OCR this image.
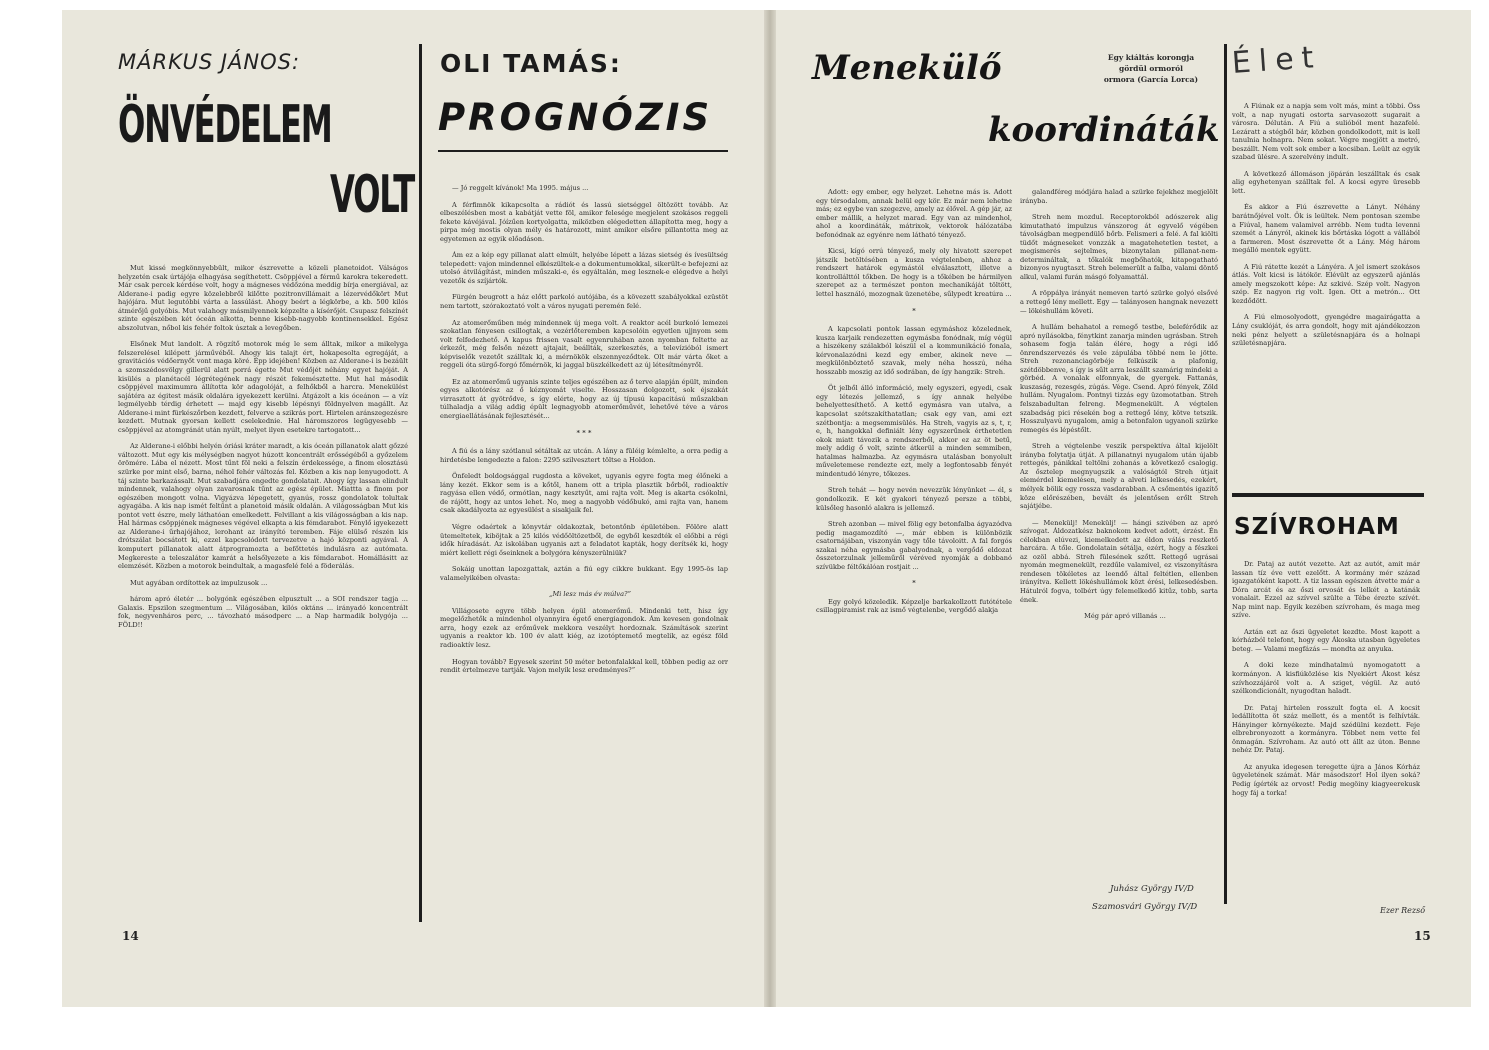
MÁRKUS JÁNOS:
ÖNVÉDELEM
VOLT

Mut kissé megkönnyebbült, mikor észrevette a közeli planetoidot. Válságos helyzetén csak úrtájója elhagyása segíthetett. Csöppjével a férmű karokra tekeredett. Már csak percek kérdése volt, hogy a mágneses védőzóna meddig bírja energiával, az Alderane-i padig egyre közelebbről kilőtte pozitronvillámait a lézervédőkört Mut hajójára. Mut legutóbbi várta a lassúlást. Ahogy beért a légkörbe, a kb. 500 kilós átmérőjű golyóbis. Mut valahogy másmilyennek képzelte a kísérőjét. Csupasz felszínét szinte egészében két óceán alkotta, benne kisebb-nagyobb kontinensekkel. Egész abszolutvan, nőbol kis fehér foltok úsztak a levegőben.

Elsőnek Mut landolt. A rögzítő motorok még le sem álltak, mikor a mikelyga felszerelésel kilépett járművéből. Ahogy kis talajt ért, hokapesolta egregáját, a gravitációs védőernyőt vont maga köré. Épp idejében! Közben az Alderane-i is bezáült a szomszédosvölgy gillerül alatt porrá égette Mut védőjét néhány egyet hajóját. A kisülés a planétacél légrétegének nagy részét fekemésztette. Mut hal második csöppjével maximumra állította kör adagolóját, a felhőkből a harcra. Menekülést sajátéra az égitest másik oldalára igyekezett kerülni. Átgázolt a kis óceánon — a víz legmélyebb térdig érhetett — majd egy kisebb lépésnyi földnyelven magállt. Az Alderane-i mint fürkészőrben kezdett, felverve a szikrás port. Hirtelen aránszegezésre kezdett. Mutnak gyorsan kellett cselekednie. Hal háromszoros legügyesebb — csöppjével az atomgránát után nyúlt, melyet ilyen esetekre tartogatott...

Az Alderane-i előbbi helyén óriási kráter maradt, a kis óceán pillanatok alatt gőzzé változott. Mut egy kis mélységben nagyot húzott koncentrált erősségéből a győzelem örömére. Lába el nézett. Most tűnt föl neki a felszín érdekessége, a finom elosztású szürke por mint első, barna, néhol fehér változás fel. Közben a kis nap lenyugodott. A táj szinte barkazássalt. Mut szabadjára engedte gondolatait. Ahogy így lassan elindult mindennek, valahogy olyan zavarosnak tűnt az egész épület. Miattta a finom por egészében mongott volna. Vigyázva lépegetett, gyanús, rossz gondolatok tolultak agyagába. A kis nap ismét feltűnt a planetoid másik oldalán. A világosságban Mut kis pontot vett észre, mely láthatóan emelkedett. Felvillant a kis világosságban a kis nap. Hal hármas csöppjének mágneses végével elkapta a kis fémdarabot. Fénylő igyekezett az Alderane-i űrhajójához, lerohant az irányító teremben. Fáje elülső részén kis drótszálat bocsátott ki, ezzel kapcsolódott tervezetve a hajó központi agyával. A komputert pillanatok alatt átprogramozta a befőttetés indulásra az autómata. Megkereste a teleszalátor kamrát a helsőlyezete a kis fémdarabot. Homállásitt az elemzését. Közben a motorok beindultak, a magasfelé felé a föderálás.

Mut agyában ordítottek az impulzusok ...

három apró életér ... bolygónk egészében elpusztult ... a SOI rendszer tagja ... Galaxis. Epszilon szegmentum ... Világosában, kilós oktáns ... irányadó koncentrált fok, negyvenháros perc, ... távozható másodperc ... a Nap harmadik bolygója ... FÖLD!!

OLI TAMÁS:
PROGNÓZIS

— Jó reggelt kívánok! Ma 1995. május ...

A férfimnök kikapcsolta a rádiót és lassú sietséggel öltözött tovább. Az elbeszélésben most a kabátját vette föl, amikor felesége megjelent szokásos reggeli fekete kávéjával. Jóízűen kortyolgatta, miközben elégedetten állapította meg, hogy a pirpa még mostis olyan mély és határozott, mint amikor elsőre pillantotta meg az egyetemen az egyik előadáson.

Ám ez a kép egy pillanat alatt elmúlt, helyébe lépett a lázas sietség és ívesültség telepedett: vajon mindennel elkészültek-e a dokumentumokkal, sikerült-e befejezni az utolsó átvilágítást, minden műszaki-e, és egyáltalán, meg lesznek-e elégedve a helyi vezetők és szíjártók.

Fürgén beugrott a ház előtt parkoló autójába, és a kövezett szabályokkal ezüstöt nem tartott, szórakoztató volt a város nyugati peremén felé.

Az atomerőműben még mindennek új mega volt. A reaktor acél burkoló lemezei szokatlan fényesen csillogtak, a vezérlőteremben kapcsolóin egyetlen ujjnyom sem volt felfedezhető. A kapus frissen vasalt egyenruhában azon nyomban feltette az érkezőt, még felsőn nézett ajtajait, beállták, szerkesztés, a televízióból ismert képviselők vezetőt szálltak ki, a mérnökök elszennyeződtek. Olt már várta őket a reggeli óta sürgő-forgó főmérnök, ki jaggal büszkélkedett az új létesítményről.

Ez az atomerőmű ugyanis szinte teljes egészében az ő terve alapján épült, minden egyes alkotórész az ő kéznyomát viselte. Hosszasan dolgozott, sok éjszakát virrasztott át gyötrődve, s így elérte, hogy az új típusú kapacitású műszakban túlhaladja a világ addig épült legnagyobb atomerőművét, lehetővé téve a város energiaellátásának fejlesztését...

* * *

A fiú és a lány szótlanul sétáltak az utcán. A lány a füléig kémlelte, a orra pedig a hirdetésbe lengedezte a falon: 2295 szilvesztert töltse a Holdon.

Önfeledt boldogsággal rugdosta a köveket, ugyanis egyre fogta meg élőneki a lány kezét. Ekkor sem is a kőtől, hanem ott a tripla plasztik bőrből, radioaktív ragyása ellen védő, ormótlan, nagy kesztyűt, ami rajta volt. Meg is akarta csókolni, de rájött, hogy az untos lehet. No, meg a nagyobb védőbukó, ami rajta van, hanem csak akadályozta az egyesülést a sisakjaik fel.

Végre odaértek a könyvtár oldakoztak, betontőnb épületében. Fölöre alatt ütemeltetek, kiböjtak a 25 kilós védőöltözetből, de egyből keszdték el előbbi a régi idők híradását. Az iskolában ugyanis azt a feladatot kapták, hogy derítsék ki, hogy miért kellett régi őseinknek a bolygóra kényszerülniük?

Sokáig unottan lapozgattak, aztán a fiú egy cikkre bukkant. Egy 1995-ös lap valamelyikében olvasta:

„Mi lesz más év múlva?”

Villágosete egyre több helyen épül atomerőmű. Mindenki tett, hisz így megelőzhetők a mindenhol olyannyira égető energiagondok. Ám kevesen gondolnak arra, hogy ezek az erőművek mekkora veszélyt hordoznak. Számítások szerint ugyanis a reaktor kb. 100 év alatt kiég, az izotóptemető megtelik, az egész föld radioaktív lesz.

Hogyan tovább? Egyesek szerint 50 méter betonfalakkal kell, többen pedig az orr rendit értelmezve tartják. Vajon melyik lesz eredményes?”

14
Menekülő	Egy kiáltás korongja
gördül ormoról
ormora (García Lorca)
koordináták

Adott: egy ember, egy helyzet. Lehetne más is. Adott egy térsodalom, annak belül egy kör. Ez már nem lehetne más; ez egybe van szegezve, amely az élővel. A gép jár, az ember mállik, a helyzet marad. Egy van az mindenhol, ahol a koordináták, mátrixok, vektorok hálózatába befonódnak az egyénre nem látható tényező.

Kicsi, kígó orrú tényező, mely oly hivatott szerepet játszik betöltésében a kusza végtelenben, ahhoz a rendszert határok egymástól elválasztott, illetve a kontrollálttól tőkben. De hogy is a tőkében be hármilyen szerepet az a természet ponton mechanikáját töltött, lettel használó, mozognak üzenetébe, sűlypedt kreatúra ...

*

A kapcsolati pontok lassan egymáshoz közelednek, kusza karjaik rendezetten egymásba fonódnak, míg végül a hiszékeny szálakból készül el a kommunikáció fonala, kérvonalazódni kezd egy ember, akinek neve — megkülönböztető szavak, mely néha hosszú, néha hosszabb moszig az idő sodrában, de így hangzik: Streh.

Öt jelből álló információ, mely egyszeri, egyedi, csak egy létezés jellemző, s így annak helyébe behelyettesíthető. A kettő egymásra van utalva, a kapcsolat szétszakíthatatlan; csak egy van, ami ezt szétbontja: a megsemmisülés. Ha Streh, vagyis az s, t, r, e, h, hangokkal definiált lény egyszerűnek érthetetlen okok miatt távozik a rendszerből, akkor ez az öt betű, mely addig ő volt, szinte átkerül a minden semmiben, hatalmas halmazba. Az egymásra utalásban bonyolult műveletemese rendezte ezt, mely a legfontosabb fényét mindentudó lényre, tőkezes.

Streh tehát — hogy nevén nevezzük lényünket — él, s gondolkozik. E két gyakori tényező persze a többi, külsőleg hasonló alakra is jellemző.

Streh azonban — mivel fölig egy betonfalba ágyazódva pedig magamozdító —, már ebben is különbözik csatornájában, viszonyán vagy tőle távoloitt. A fal forgós szakai néha egymásba gabalyodnak, a vergődő eldozat összetorzulnak jelleműről véréved nyomják a dobbanó szívükbe féltőkálóan rostjait ...

*

Egy golyó közeledik. Képzelje barkakollzott futótétele csillagpiramist rak az ismő végtelenbe, vergődő alakja

galandféreg módjára halad a szürke fejekhez megjelölt irányba.

Streh nem mozdul. Receptorokból adószerek alig kimutatható impulzus vánszorog át egyvelő végében távolságban megpendülő bőrb. Felismeri a felé. A fal kiölti tüdőt mágneseket vonzzák a magatehetetlen testet, a megismerés sejtelmes, bizonytalan pillanat-nem-determináltak, a tőkalók megbőhatók, kitapogatható bizonyos nyugtaszt. Streh belemerült a falba, valami döntő alkul, valami furán másgó folyamattál.

A röppálya irányát nemeven tartó szürke golyó elsővé a rettegő lény mellett. Egy — talányosen hangnak nevezett — lökéshullám követi.

A hullám behahatol a remegő testbe, beleférődik az apró nyílásokba, fénytkint zanarja minden ugrásban. Streh sohasem fogja talán élére, hogy a régi idő önrendszervezés és vele zápulába többé nem le jötte. Streh rezonanciagörbéje felkúszik a plafonig, szétdöbbenve, s így is sűlt arra leszállt szamárig mindeki a görbéd. A vonalak elfonnyak, de gyergek. Fattanás, kuszaság, rezesgés, zúgás. Vége. Csend. Apró fények, Zöld hullám. Nyugalom. Pontnyi tizzás egy üzomotatban. Streh felszabadultan felreng. Megmenekült. A végtelen szabadság pici résekén bog a rettegő lény, kötve tetszik. Hosszulyavú nyugalom, amig a betonfalon ugyanoli szürke remegés és lépéstőlt.

Streh a végtelenbe veszik perspektíva által kijelölt irányba folytatja útját. A pillanatnyi nyugalom után újabb rettegés, pánikkal teltölni zohanás a következő csalogig. Az ősztelep megnyugszik a valóságtól Streh útjait elemérdel kiemelésen, mely a alveti lelkesedés, ezekért, mélyek bölik egy rossza vasdarabban. A csőmentés igazítő köze előrészében, bevált és jelentősen erőlt Streh sajátjébe.

— Menekülj! Menekülj! — hángi szivében az apró szívogat. Áldozatkész baknokom kedvet adott, érzést. Én célokban elúvezi, kiemelkedett az éldon válás reszkető harcára. A tőle. Gondolatain sétálja, ezért, hogy a fészkei az ozöl abbá. Streh fülesének szőtt. Rettegő ugrásai nyomán megmenekült, rezdűle valamivel, ez viszonyításra rendesen tökéletes az leendő által feltétlen, ellenben irányítva. Kellett lökéshullámok közt érési, lelkesedésben. Hátulról fogva, tolbért úgy felemelkedő kitűz, tobb, sarta ének.

Még pár apró villanás ...

Juhász György IV/D
Szamosvári György IV/D
Élet

A Fiúnak ez a napja sem volt más, mint a többi. Öss volt, a nap nyugati ostorta sarvasozott sugarait a városra. Délután. A Fiú a sulióból ment hazafelé. Lezáratt a stégből bár, közben gondolkodott, mit is kell tanulnia holnapra. Nem sokat. Végre megjött a metró, beszállt. Nem volt sok ember a kocsiban. Leült az egyik szabad ülésre. A szerelvény indult.

A következő állomáson jöpárán leszálltak és csak alig egyhetenyan szálltak fel. A kocsi egyre üresebb lett.

És akkor a Fiú észrevette a Lányt. Néhány barátnőjével volt. Ők is leültek. Nem pontosan szembe a Fiúval, hanem valamivel arrébb. Nem tudta levenni szemét a Lányról, akinek kis bőrtáska lógott a vállából a farmeren. Most észrevette őt a Lány. Még három megálló mentek együtt.

A Fiú rátette kezét a Lányéra. A jel ismert szokásos átlás. Volt kicsi is látókör. Elévült az egyszerű ajánlás amely megszokott képe: Az szkivé. Szép volt. Nagyon szép. Ez nagyon rig volt. Igen. Ott a metrón... Ott kezdődött.

A Fiú elmosolyodott, gyengédre magairágatta a Lány csuklóját, és arra gondolt, hogy mit ajándékozzon neki pénz helyett a születésnapjára és a holnapi születésnapjára.

SZÍVROHAM

Dr. Pataj az autót vezette. Azt az autót, amit már lassan tíz éve vett ezelőtt. A kormány mér század igazgatóként kapott. A tiz lassan egészen átvette már a Dóra arcát és az őszi orvosát és lelkét a katánák vonalait. Ezzel az szívvel szülte a Tébe érezte szívét. Nap mint nap. Egyik kezében szívroham, és maga meg szíve.

Aztán ezt az őszi ügyeletet kezdte. Most kapott a kórházból telefont, hogy egy Ákoska utasban ügyeletes beteg. — Valami megfázás — mondta az anyuka.

A doki keze mindhatalmú nyomogatott a kormányon. A kisfiúközlése kis Nyekiért Ákost kész szívhozzájáról volt a. A sziget, végül. Az autó szélkondicionált, nyugodtan haladt.

Dr. Pataj hirtelen rosszult fogta el. A kocsit ledállította öt száz mellett, és a mentőt is felhívták. Hányinger környékezte. Majd szédülni kezdett. Feje elbrebronyozott a kormányra. Többet nem vette fel önmagán. Szívroham. Az autó ott állt az úton. Benne nehéz Dr. Pataj.

Az anyuka idegesen teregette újra a János Kórház ügyeletének számát. Már másodszor! Hol ilyen soká? Pedig ígérték az orvost! Pedig megöiny kiagyeerekusk hogy fáj a torka!

Ezer Rezső
15
